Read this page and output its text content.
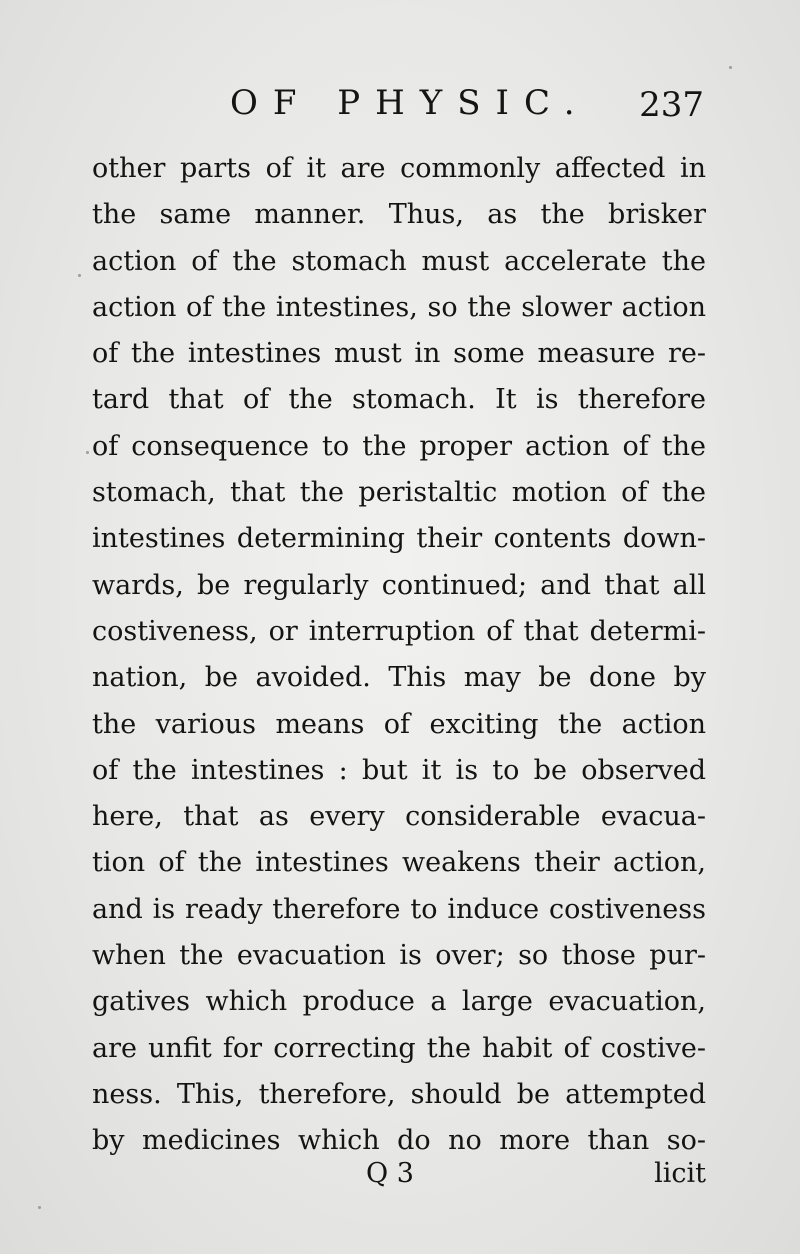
OF PHYSIC. 237
other parts of it are commonly affected in
the same manner. Thus, as the brisker
action of the stomach must accelerate the
action of the intestines, so the slower action
of the intestines must in some measure re-
tard that of the stomach. It is therefore
of consequence to the proper action of the
stomach, that the peristaltic motion of the
intestines determining their contents down-
wards, be regularly continued; and that all
costiveness, or interruption of that determi-
nation, be avoided. This may be done by
the various means of exciting the action
of the intestines : but it is to be observed
here, that as every considerable evacua-
tion of the intestines weakens their action,
and is ready therefore to induce costiveness
when the evacuation is over; so those pur-
gatives which produce a large evacuation,
are unfit for correcting the habit of costive-
ness. This, therefore, should be attempted
by medicines which do no more than so-
Q 3	licit
